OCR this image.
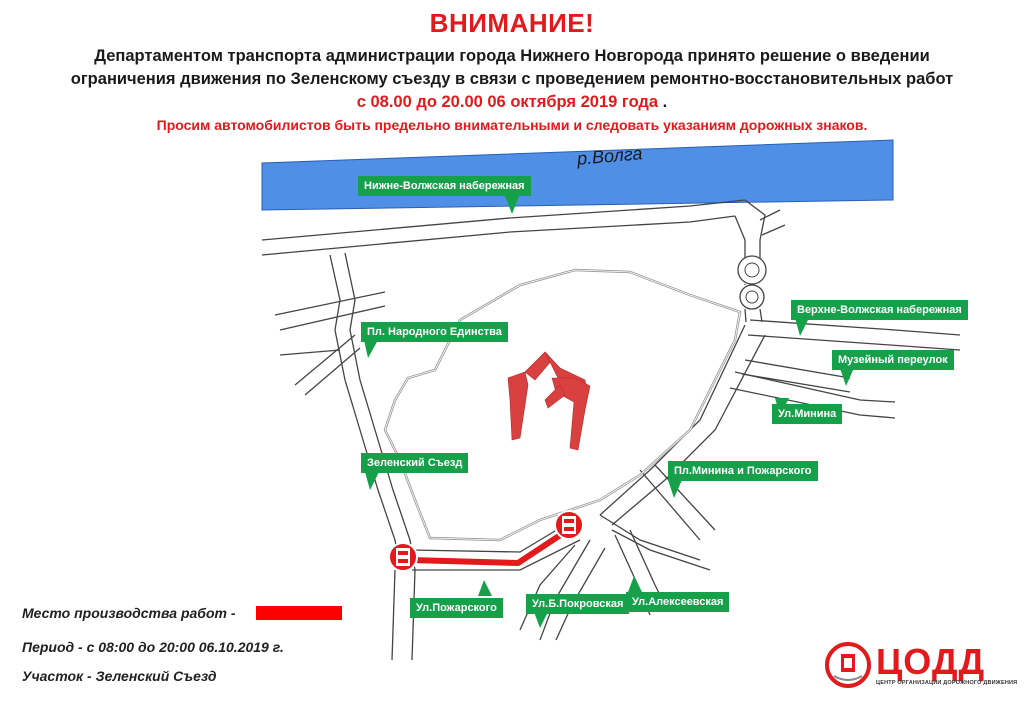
ВНИМАНИЕ!
Департаментом транспорта администрации города Нижнего Новгорода принято решение о введении
ограничения движения по Зеленскому съезду в связи с проведением ремонтно-восстановительных работ
с 08.00 до 20.00 06 октября 2019 года .
Просим автомобилистов быть предельно внимательными и следовать указаниям дорожных знаков.
р.Волга
Нижне-Волжская набережная
Пл. Народного Единства
Зеленский Съезд
Верхне-Волжская набережная
Музейный переулок
Ул.Минина
Пл.Минина и Пожарского
Ул.Пожарского	Ул.Б.Покровская Ул.Алексеевская
Место производства работ -
Период - с 08:00 до 20:00 06.10.2019 г.
Участок - Зеленский Съезд	ЦОДД
ЦЕНТР ОРГАНИЗАЦИИ ДОРОЖНОГО ДВИЖЕНИЯ
